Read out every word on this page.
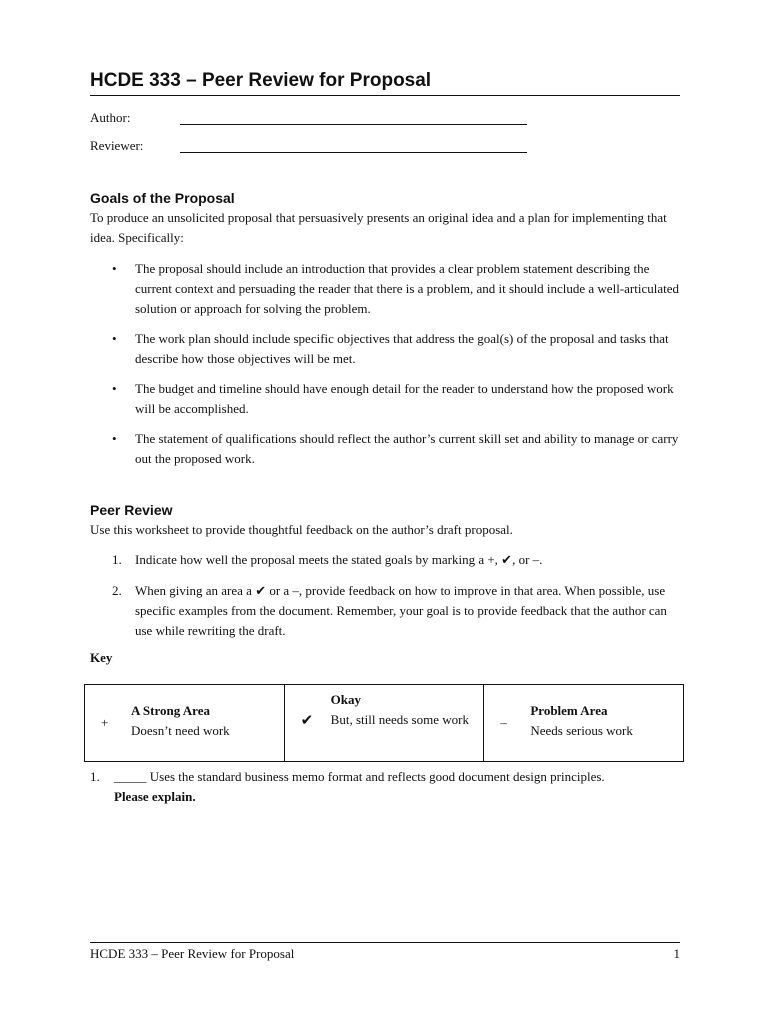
HCDE 333 – Peer Review for Proposal
Author:
Reviewer:
Goals of the Proposal

To produce an unsolicited proposal that persuasively presents an original idea and a plan for implementing that idea. Specifically:

• The proposal should include an introduction that provides a clear problem statement describing the current context and persuading the reader that there is a problem, and it should include a well-articulated solution or approach for solving the problem.
• The work plan should include specific objectives that address the goal(s) of the proposal and tasks that describe how those objectives will be met.
• The budget and timeline should have enough detail for the reader to understand how the proposed work will be accomplished.
• The statement of qualifications should reflect the author’s current skill set and ability to manage or carry out the proposed work.
Peer Review

Use this worksheet to provide thoughtful feedback on the author’s draft proposal.

1. Indicate how well the proposal meets the stated goals by marking a +, ✔, or –.
2. When giving an area a ✔ or a –, provide feedback on how to improve in that area. When possible, use specific examples from the document. Remember, your goal is to provide feedback that the author can use while rewriting the draft.
Key
+
A Strong Area
Doesn’t need work
✔
Okay
But, still needs some work	–
Problem Area
Needs serious work
1. _____ Uses the standard business memo format and reflects good document design principles.
Please explain.
HCDE 333 – Peer Review for Proposal	1
